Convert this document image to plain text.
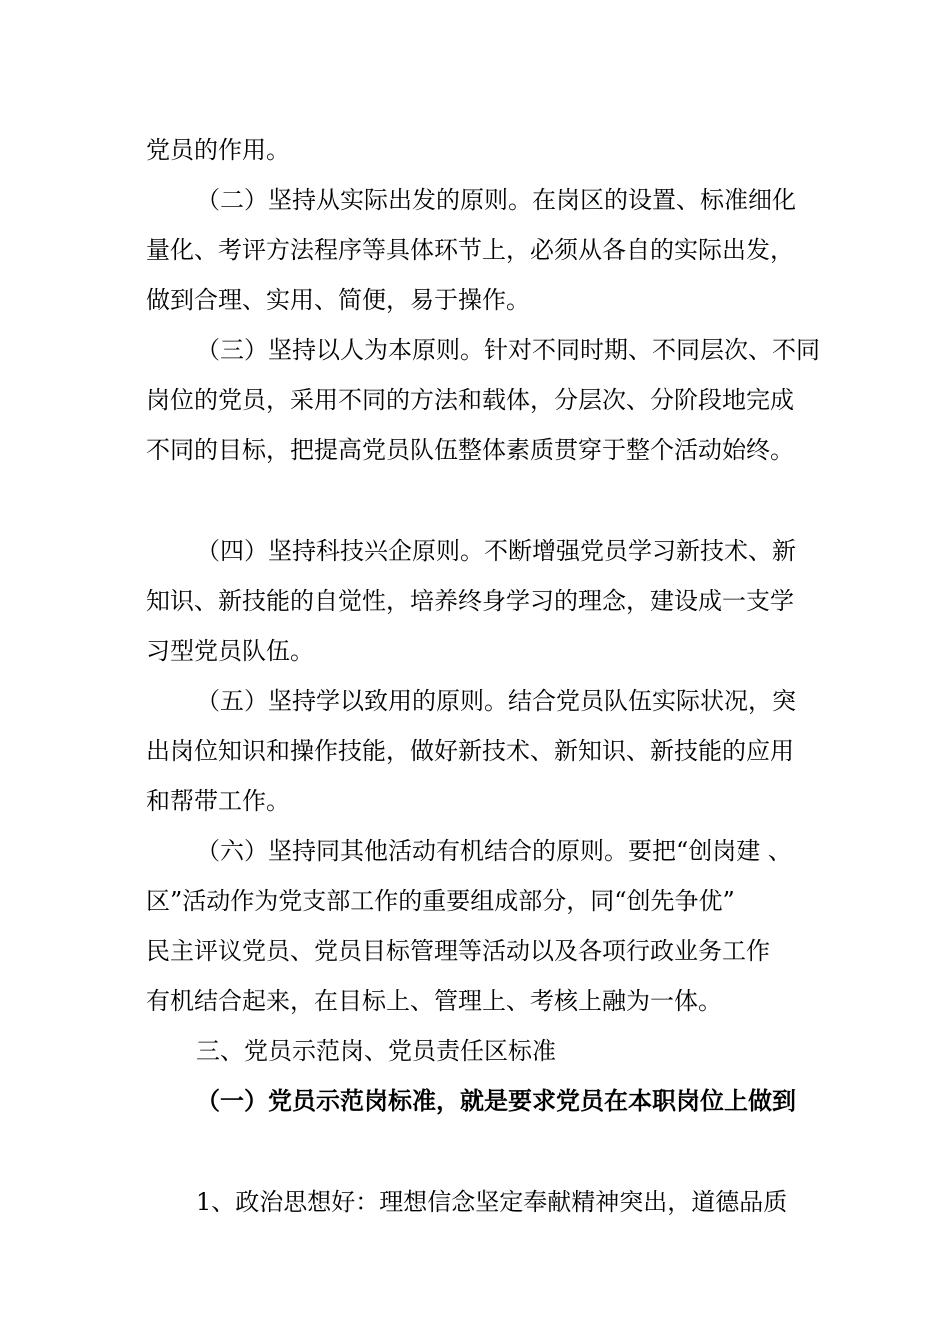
党员的作用。
（二）坚持从实际出发的原则。在岗区的设置、标准细化
量化、考评方法程序等具体环节上，必须从各自的实际出发，
做到合理、实用、简便，易于操作。
（三）坚持以人为本原则。针对不同时期、不同层次、不同
岗位的党员，采用不同的方法和载体，分层次、分阶段地完成
不同的目标，把提高党员队伍整体素质贯穿于整个活动始终。
（四）坚持科技兴企原则。不断增强党员学习新技术、新
知识、新技能的自觉性，培养终身学习的理念，建设成一支学
习型党员队伍。
（五）坚持学以致用的原则。结合党员队伍实际状况，突
出岗位知识和操作技能，做好新技术、新知识、新技能的应用
和帮带工作。
（六）坚持同其他活动有机结合的原则。要把“创岗建 、
区”活动作为党支部工作的重要组成部分，同“创先争优”
民主评议党员、党员目标管理等活动以及各项行政业务工作
有机结合起来，在目标上、管理上、考核上融为一体。
三、党员示范岗、党员责任区标准
（一）党员示范岗标准，就是要求党员在本职岗位上做到
1、政治思想好：理想信念坚定奉献精神突出，道德品质
